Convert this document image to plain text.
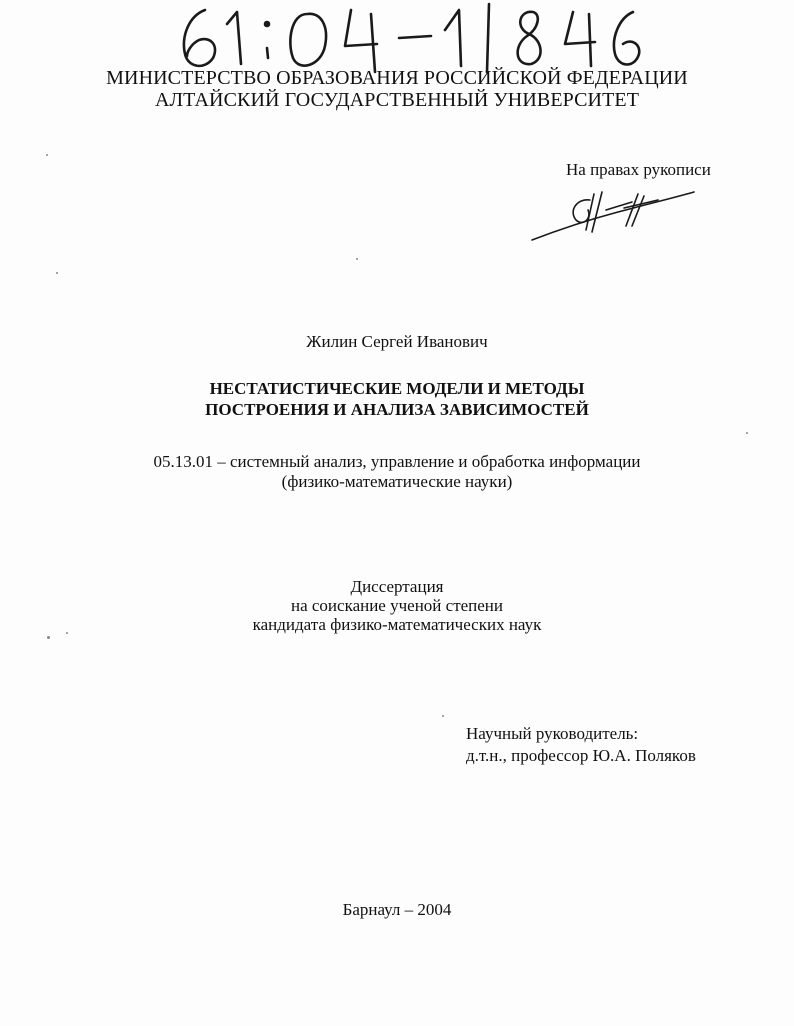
МИНИСТЕРСТВО ОБРАЗОВАНИЯ РОССИЙСКОЙ ФЕДЕРАЦИИ
АЛТАЙСКИЙ ГОСУДАРСТВЕННЫЙ УНИВЕРСИТЕТ
На правах рукописи
Жилин Сергей Иванович
НЕСТАТИСТИЧЕСКИЕ МОДЕЛИ И МЕТОДЫ
ПОСТРОЕНИЯ И АНАЛИЗА ЗАВИСИМОСТЕЙ
05.13.01 – системный анализ, управление и обработка информации
(физико-математические науки)
Диссертация
на соискание ученой степени
кандидата физико-математических наук
Научный руководитель:
д.т.н., профессор Ю.А. Поляков
Барнаул – 2004
